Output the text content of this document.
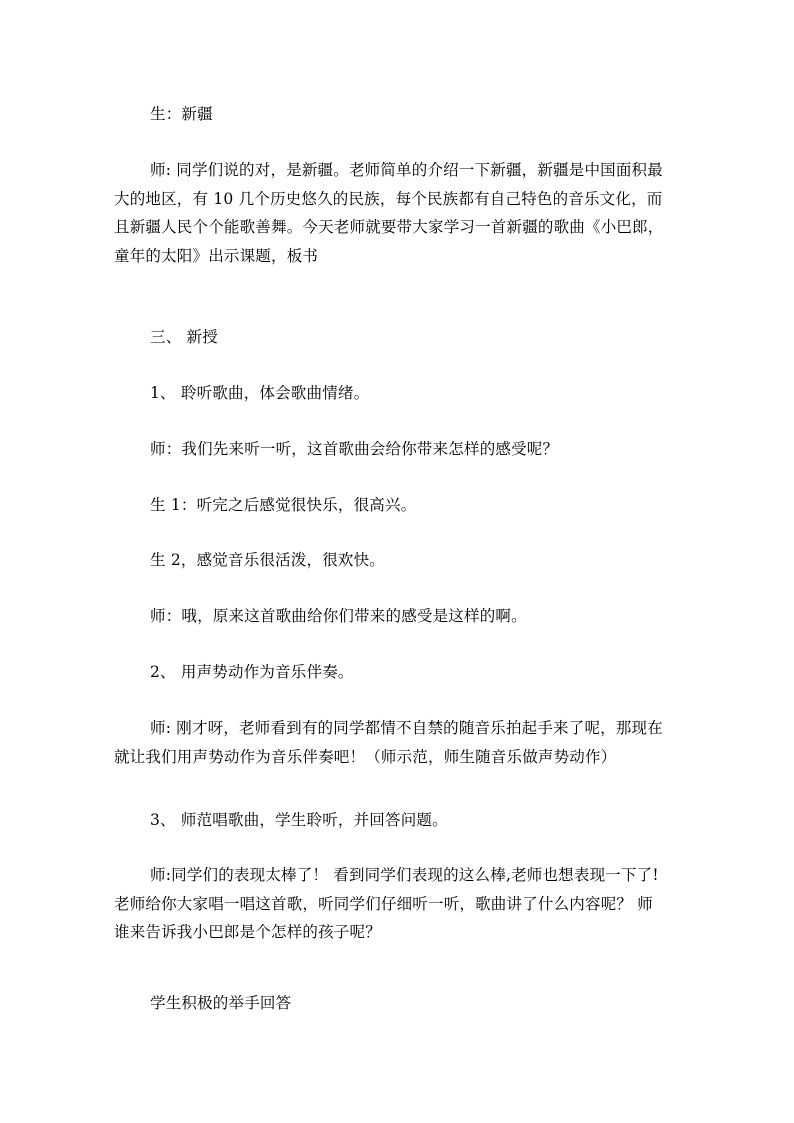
生：新疆

师: 同学们说的对，是新疆。老师简单的介绍一下新疆，新疆是中国面积最
大的地区，有 10 几个历史悠久的民族，每个民族都有自己特色的音乐文化，而
且新疆人民个个能歌善舞。今天老师就要带大家学习一首新疆的歌曲《小巴郎，
童年的太阳》出示课题，板书

三、 新授

1、 聆听歌曲，体会歌曲情绪。

师：我们先来听一听，这首歌曲会给你带来怎样的感受呢？

生 1：听完之后感觉很快乐，很高兴。

生 2，感觉音乐很活泼，很欢快。

师：哦，原来这首歌曲给你们带来的感受是这样的啊。

2、 用声势动作为音乐伴奏。

师: 刚才呀，老师看到有的同学都情不自禁的随音乐拍起手来了呢，那现在
就让我们用声势动作为音乐伴奏吧！（师示范，师生随音乐做声势动作）

3、 师范唱歌曲，学生聆听，并回答问题。

师:同学们的表现太棒了！ 看到同学们表现的这么棒,老师也想表现一下了!
老师给你大家唱一唱这首歌，听同学们仔细听一听，歌曲讲了什么内容呢？ 师
谁来告诉我小巴郎是个怎样的孩子呢？

学生积极的举手回答
